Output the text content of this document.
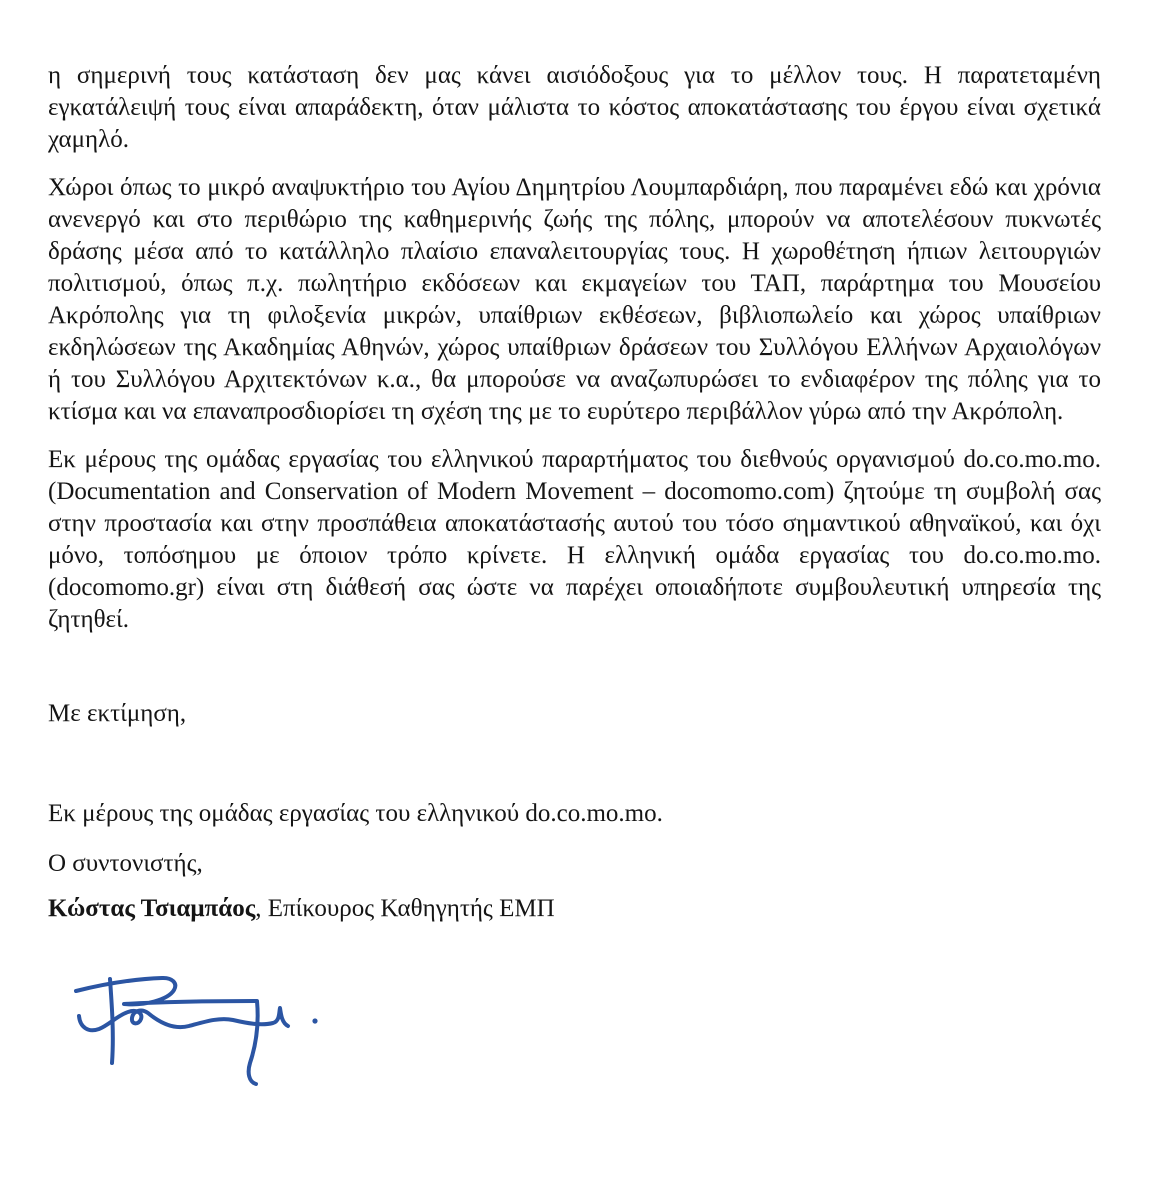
η σημερινή τους κατάσταση δεν μας κάνει αισιόδοξους για το μέλλον τους. Η παρατεταμένη εγκατάλειψή τους είναι απαράδεκτη, όταν μάλιστα το κόστος αποκατάστασης του έργου είναι σχετικά χαμηλό.

Χώροι όπως το μικρό αναψυκτήριο του Αγίου Δημητρίου Λουμπαρδιάρη, που παραμένει εδώ και χρόνια ανενεργό και στο περιθώριο της καθημερινής ζωής της πόλης, μπορούν να αποτελέσουν πυκνωτές δράσης μέσα από το κατάλληλο πλαίσιο επαναλειτουργίας τους. Η χωροθέτηση ήπιων λειτουργιών πολιτισμού, όπως π.χ. πωλητήριο εκδόσεων και εκμαγείων του ΤΑΠ, παράρτημα του Μουσείου Ακρόπολης για τη φιλοξενία μικρών, υπαίθριων εκθέσεων, βιβλιοπωλείο και χώρος υπαίθριων εκδηλώσεων της Ακαδημίας Αθηνών, χώρος υπαίθριων δράσεων του Συλλόγου Ελλήνων Αρχαιολόγων ή του Συλλόγου Αρχιτεκτόνων κ.α., θα μπορούσε να αναζωπυρώσει το ενδιαφέρον της πόλης για το κτίσμα και να επαναπροσδιορίσει τη σχέση της με το ευρύτερο περιβάλλον γύρω από την Ακρόπολη.

Εκ μέρους της ομάδας εργασίας του ελληνικού παραρτήματος του διεθνούς οργανισμού do.co.mo.mo. (Documentation and Conservation of Modern Movement – docomomo.com) ζητούμε τη συμβολή σας στην προστασία και στην προσπάθεια αποκατάστασής αυτού του τόσο σημαντικού αθηναϊκού, και όχι μόνο, τοπόσημου με όποιον τρόπο κρίνετε. Η ελληνική ομάδα εργασίας του do.co.mo.mo. (docomomo.gr) είναι στη διάθεσή σας ώστε να παρέχει οποιαδήποτε συμβουλευτική υπηρεσία της ζητηθεί.

Με εκτίμηση,

Εκ μέρους της ομάδας εργασίας του ελληνικού do.co.mo.mo.

Ο συντονιστής,

Κώστας Τσιαμπάος, Επίκουρος Καθηγητής ΕΜΠ
